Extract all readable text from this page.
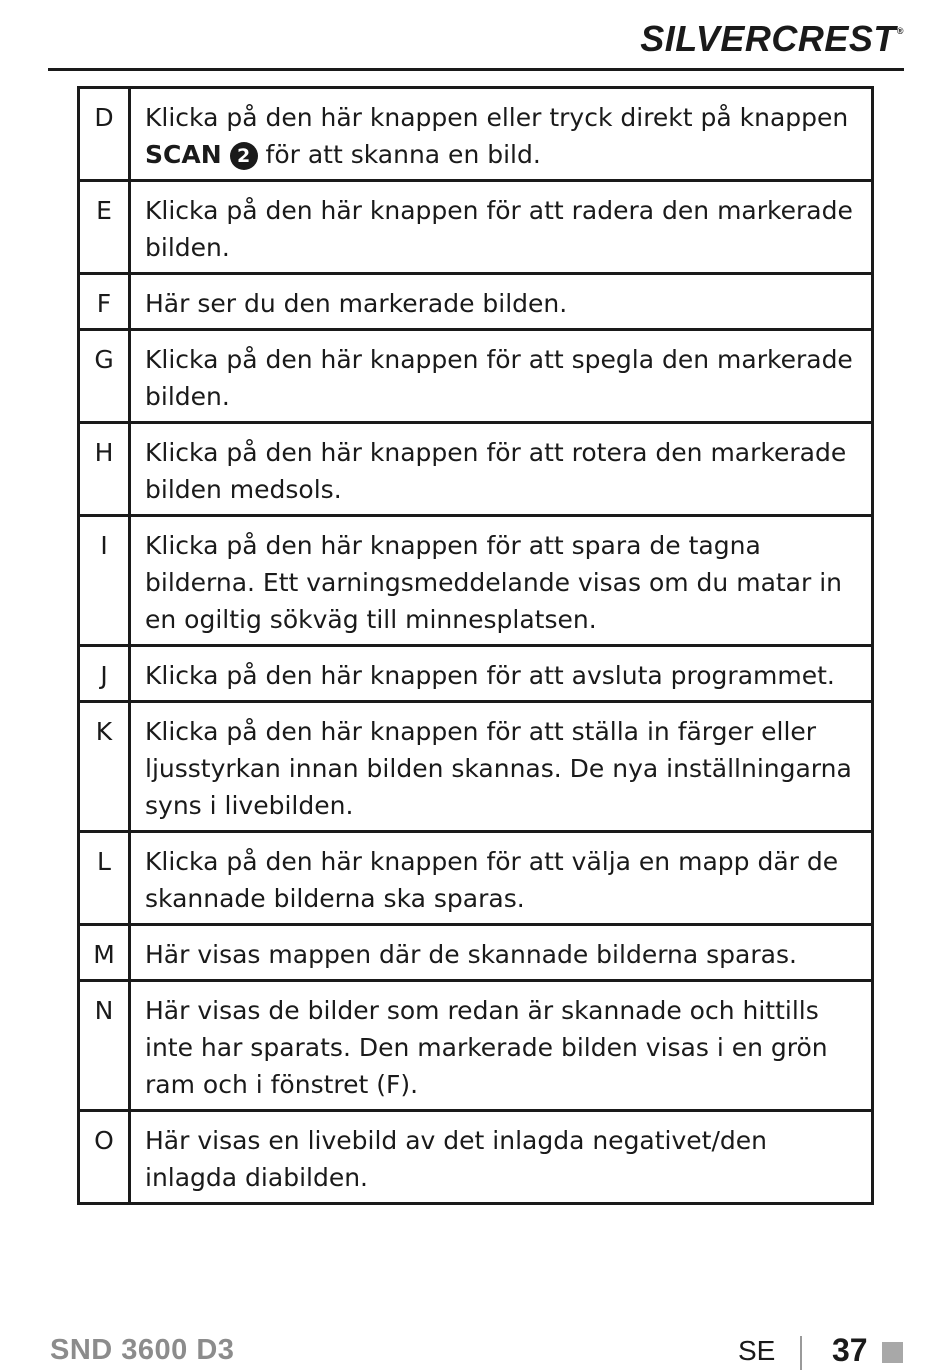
SILVERCREST®
D	Klicka på den här knappen eller tryck direkt på knappen SCAN 2 för att skanna en bild.
E	Klicka på den här knappen för att radera den markerade bilden.
F	Här ser du den markerade bilden.
G	Klicka på den här knappen för att spegla den markerade bilden.
H	Klicka på den här knappen för att rotera den markerade bilden medsols.
I	Klicka på den här knappen för att spara de tagna bilderna. Ett varningsmeddelande visas om du matar in en ogiltig sökväg till minnesplatsen.
J	Klicka på den här knappen för att avsluta programmet.
K	Klicka på den här knappen för att ställa in färger eller ljusstyrkan innan bilden skannas. De nya inställningarna syns i livebilden.
L	Klicka på den här knappen för att välja en mapp där de skannade bilderna ska sparas.
M	Här visas mappen där de skannade bilderna sparas.
N	Här visas de bilder som redan är skannade och hittills inte har sparats. Den markerade bilden visas i en grön ram och i fönstret (F).
O	Här visas en livebild av det inlagda negativet/den inlagda diabilden.
SND 3600 D3	SE 37
